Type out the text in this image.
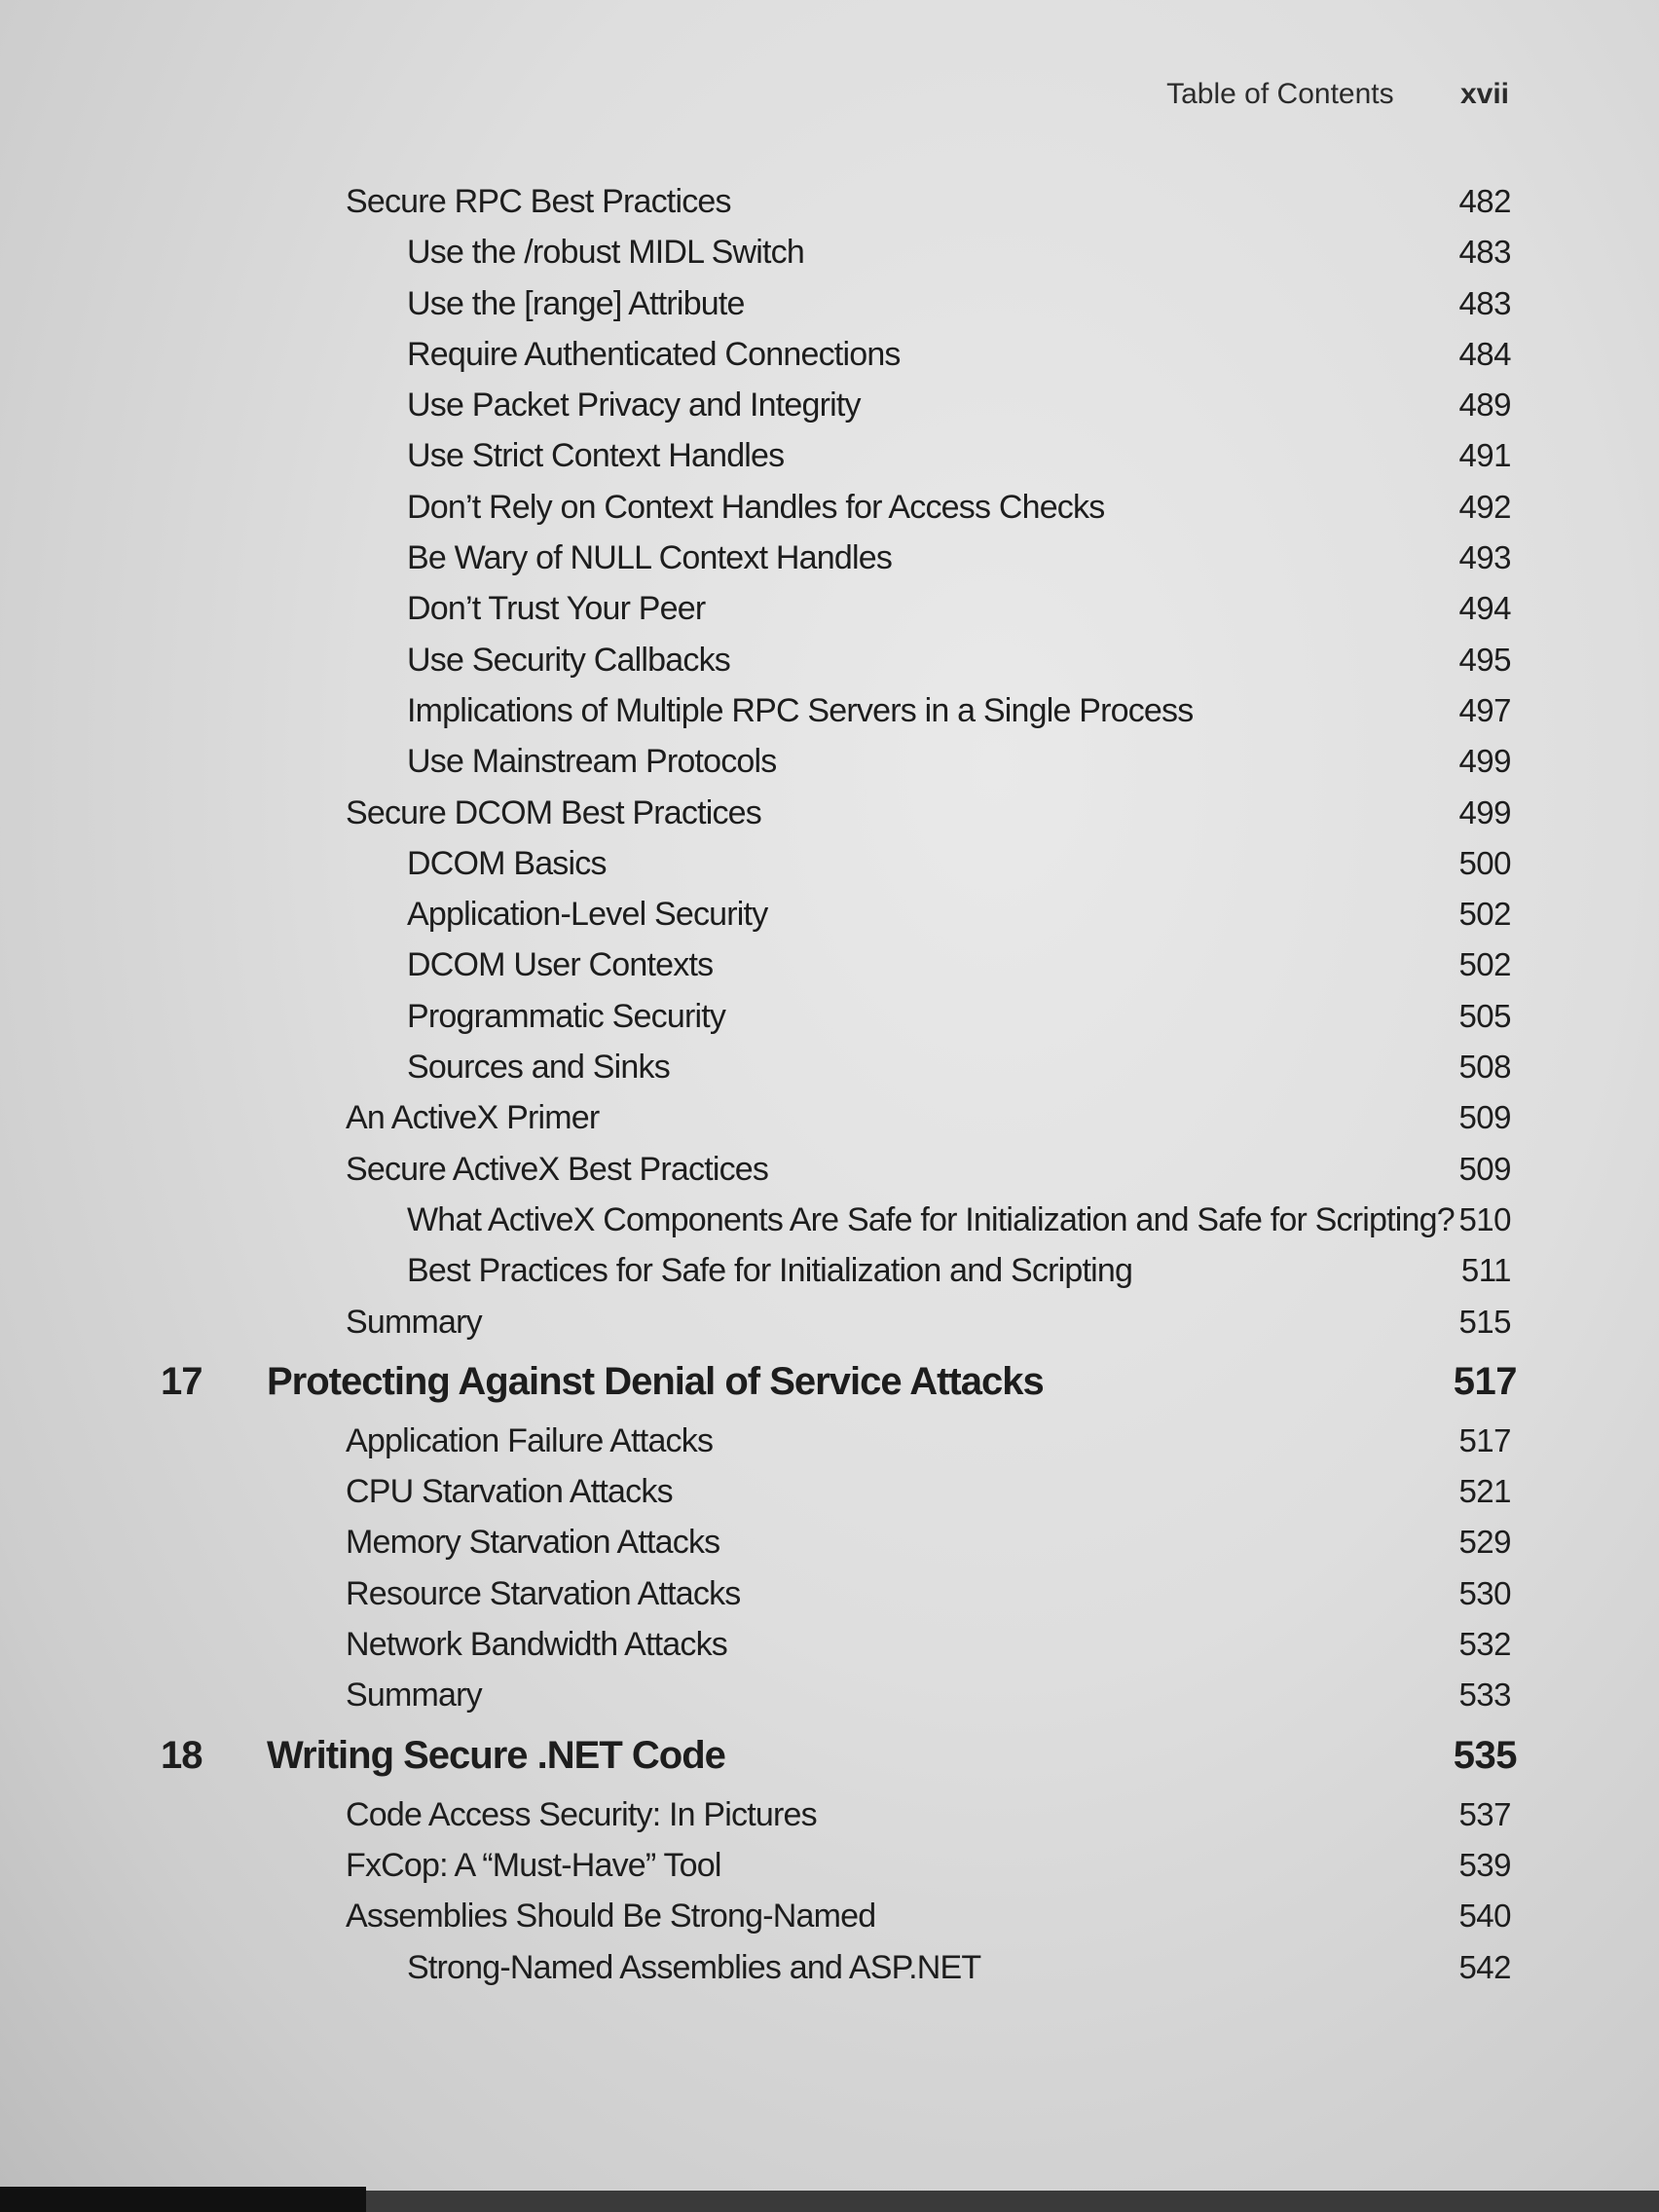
Table of Contents xvii
Secure RPC Best Practices	482
Use the /robust MIDL Switch	483
Use the [range] Attribute	483
Require Authenticated Connections	484
Use Packet Privacy and Integrity	489
Use Strict Context Handles	491
Don’t Rely on Context Handles for Access Checks	492
Be Wary of NULL Context Handles	493
Don’t Trust Your Peer	494
Use Security Callbacks	495
Implications of Multiple RPC Servers in a Single Process	497
Use Mainstream Protocols	499
Secure DCOM Best Practices	499
DCOM Basics	500
Application-Level Security	502
DCOM User Contexts	502
Programmatic Security	505
Sources and Sinks	508
An ActiveX Primer	509
Secure ActiveX Best Practices	509
What ActiveX Components Are Safe for Initialization and Safe for Scripting? 510
Best Practices for Safe for Initialization and Scripting	511
Summary	515
17 Protecting Against Denial of Service Attacks	517
Application Failure Attacks	517
CPU Starvation Attacks	521
Memory Starvation Attacks	529
Resource Starvation Attacks	530
Network Bandwidth Attacks	532
Summary	533
18 Writing Secure .NET Code	535
Code Access Security: In Pictures	537
FxCop: A “Must-Have” Tool	539
Assemblies Should Be Strong-Named	540
Strong-Named Assemblies and ASP.NET	542
